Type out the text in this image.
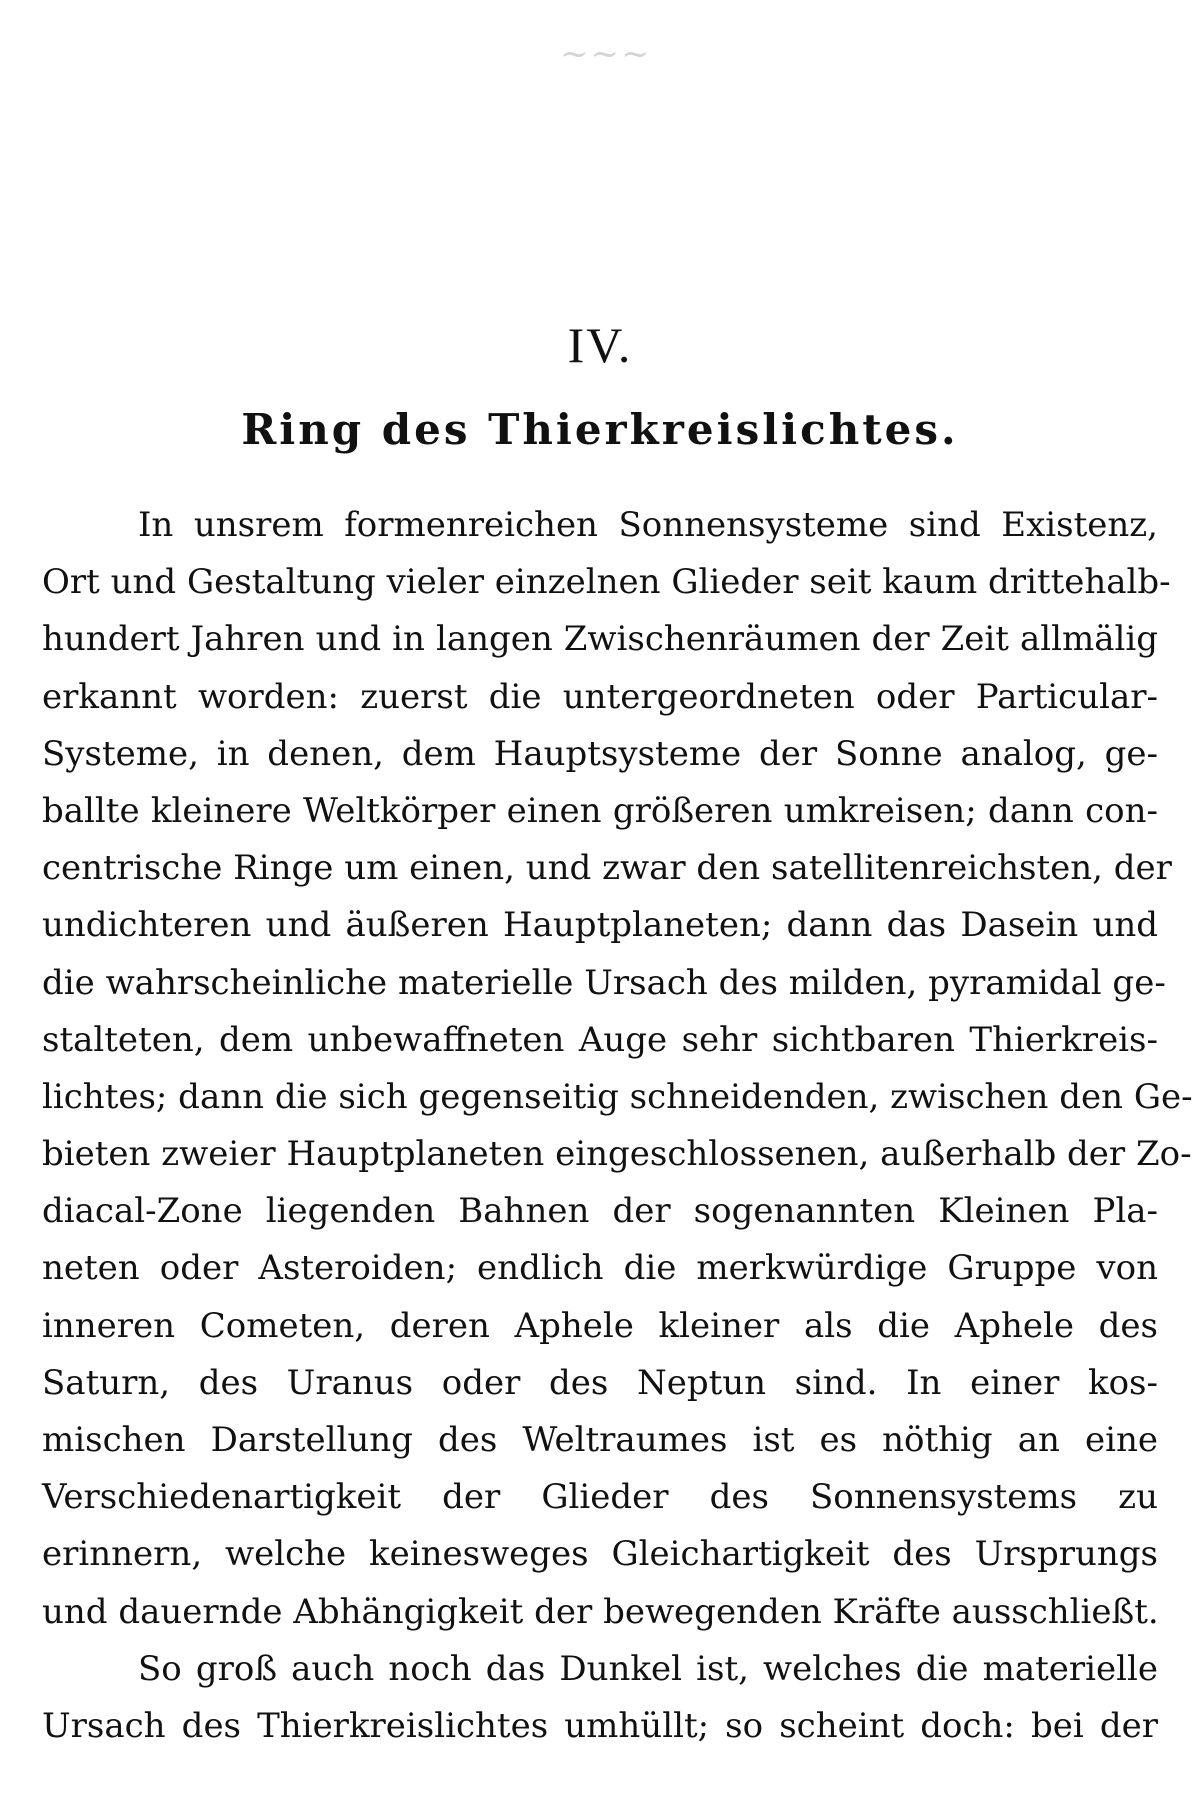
~~~
IV.
Ring des Thierkreislichtes.
In unsrem formenreichen Sonnensysteme sind Existenz,
Ort und Gestaltung vieler einzelnen Glieder seit kaum drittehalb-
hundert Jahren und in langen Zwischenräumen der Zeit allmälig
erkannt worden: zuerst die untergeordneten oder Particular-
Systeme, in denen, dem Hauptsysteme der Sonne analog, ge-
ballte kleinere Weltkörper einen größeren umkreisen; dann con-
centrische Ringe um einen, und zwar den satellitenreichsten, der
undichteren und äußeren Hauptplaneten; dann das Dasein und
die wahrscheinliche materielle Ursach des milden, pyramidal ge-
stalteten, dem unbewaffneten Auge sehr sichtbaren Thierkreis-
lichtes; dann die sich gegenseitig schneidenden, zwischen den Ge-
bieten zweier Hauptplaneten eingeschlossenen, außerhalb der Zo-
diacal-Zone liegenden Bahnen der sogenannten Kleinen Pla-
neten oder Asteroiden; endlich die merkwürdige Gruppe von
inneren Cometen, deren Aphele kleiner als die Aphele des
Saturn, des Uranus oder des Neptun sind. In einer kos-
mischen Darstellung des Weltraumes ist es nöthig an eine
Verschiedenartigkeit der Glieder des Sonnensystems zu
erinnern, welche keinesweges Gleichartigkeit des Ursprungs
und dauernde Abhängigkeit der bewegenden Kräfte ausschließt.
So groß auch noch das Dunkel ist, welches die materielle
Ursach des Thierkreislichtes umhüllt; so scheint doch: bei der
